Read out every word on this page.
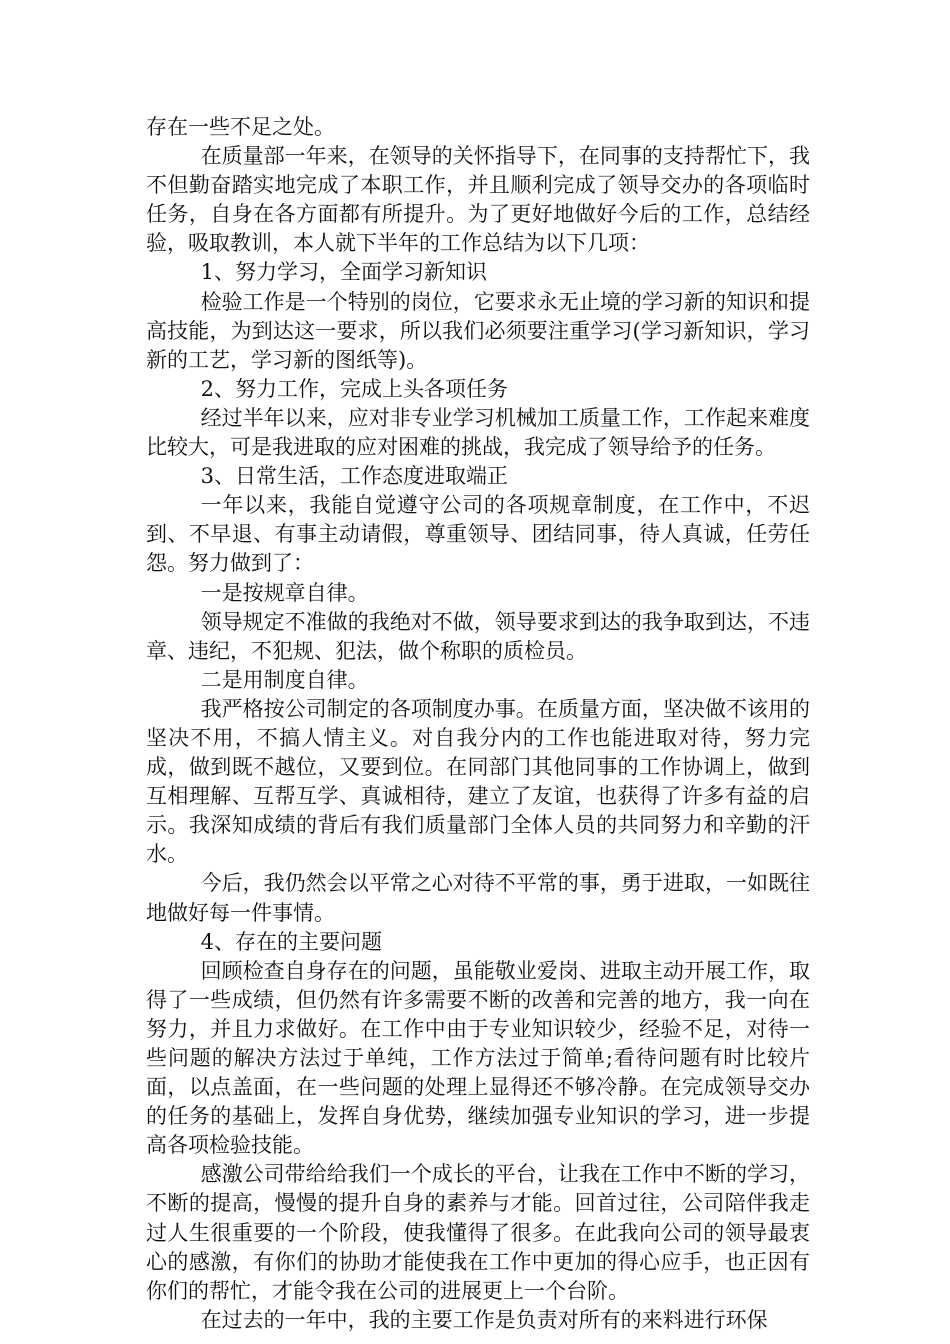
存在一些不足之处。

在质量部一年来，在领导的关怀指导下，在同事的支持帮忙下，我不但勤奋踏实地完成了本职工作，并且顺利完成了领导交办的各项临时任务，自身在各方面都有所提升。为了更好地做好今后的工作，总结经验，吸取教训，本人就下半年的工作总结为以下几项：

1、努力学习，全面学习新知识

检验工作是一个特别的岗位，它要求永无止境的学习新的知识和提高技能，为到达这一要求，所以我们必须要注重学习(学习新知识，学习新的工艺，学习新的图纸等)。

2、努力工作，完成上头各项任务

经过半年以来，应对非专业学习机械加工质量工作，工作起来难度比较大，可是我进取的应对困难的挑战，我完成了领导给予的任务。

3、日常生活，工作态度进取端正

一年以来，我能自觉遵守公司的各项规章制度，在工作中，不迟到、不早退、有事主动请假，尊重领导、团结同事，待人真诚，任劳任怨。努力做到了：

一是按规章自律。

领导规定不准做的我绝对不做，领导要求到达的我争取到达，不违章、违纪，不犯规、犯法，做个称职的质检员。

二是用制度自律。

我严格按公司制定的各项制度办事。在质量方面，坚决做不该用的坚决不用，不搞人情主义。对自我分内的工作也能进取对待，努力完成，做到既不越位，又要到位。在同部门其他同事的工作协调上，做到互相理解、互帮互学、真诚相待，建立了友谊，也获得了许多有益的启示。我深知成绩的背后有我们质量部门全体人员的共同努力和辛勤的汗水。

今后，我仍然会以平常之心对待不平常的事，勇于进取，一如既往地做好每一件事情。

4、存在的主要问题

回顾检查自身存在的问题，虽能敬业爱岗、进取主动开展工作，取得了一些成绩，但仍然有许多需要不断的改善和完善的地方，我一向在努力，并且力求做好。在工作中由于专业知识较少，经验不足，对待一些问题的解决方法过于单纯，工作方法过于简单;看待问题有时比较片面，以点盖面，在一些问题的处理上显得还不够冷静。在完成领导交办的任务的基础上，发挥自身优势，继续加强专业知识的学习，进一步提高各项检验技能。

感激公司带给给我们一个成长的平台，让我在工作中不断的学习，不断的提高，慢慢的提升自身的素养与才能。回首过往，公司陪伴我走过人生很重要的一个阶段，使我懂得了很多。在此我向公司的领导最衷心的感激，有你们的协助才能使我在工作中更加的得心应手，也正因有你们的帮忙，才能令我在公司的进展更上一个台阶。

在过去的一年中，我的主要工作是负责对所有的来料进行环保
